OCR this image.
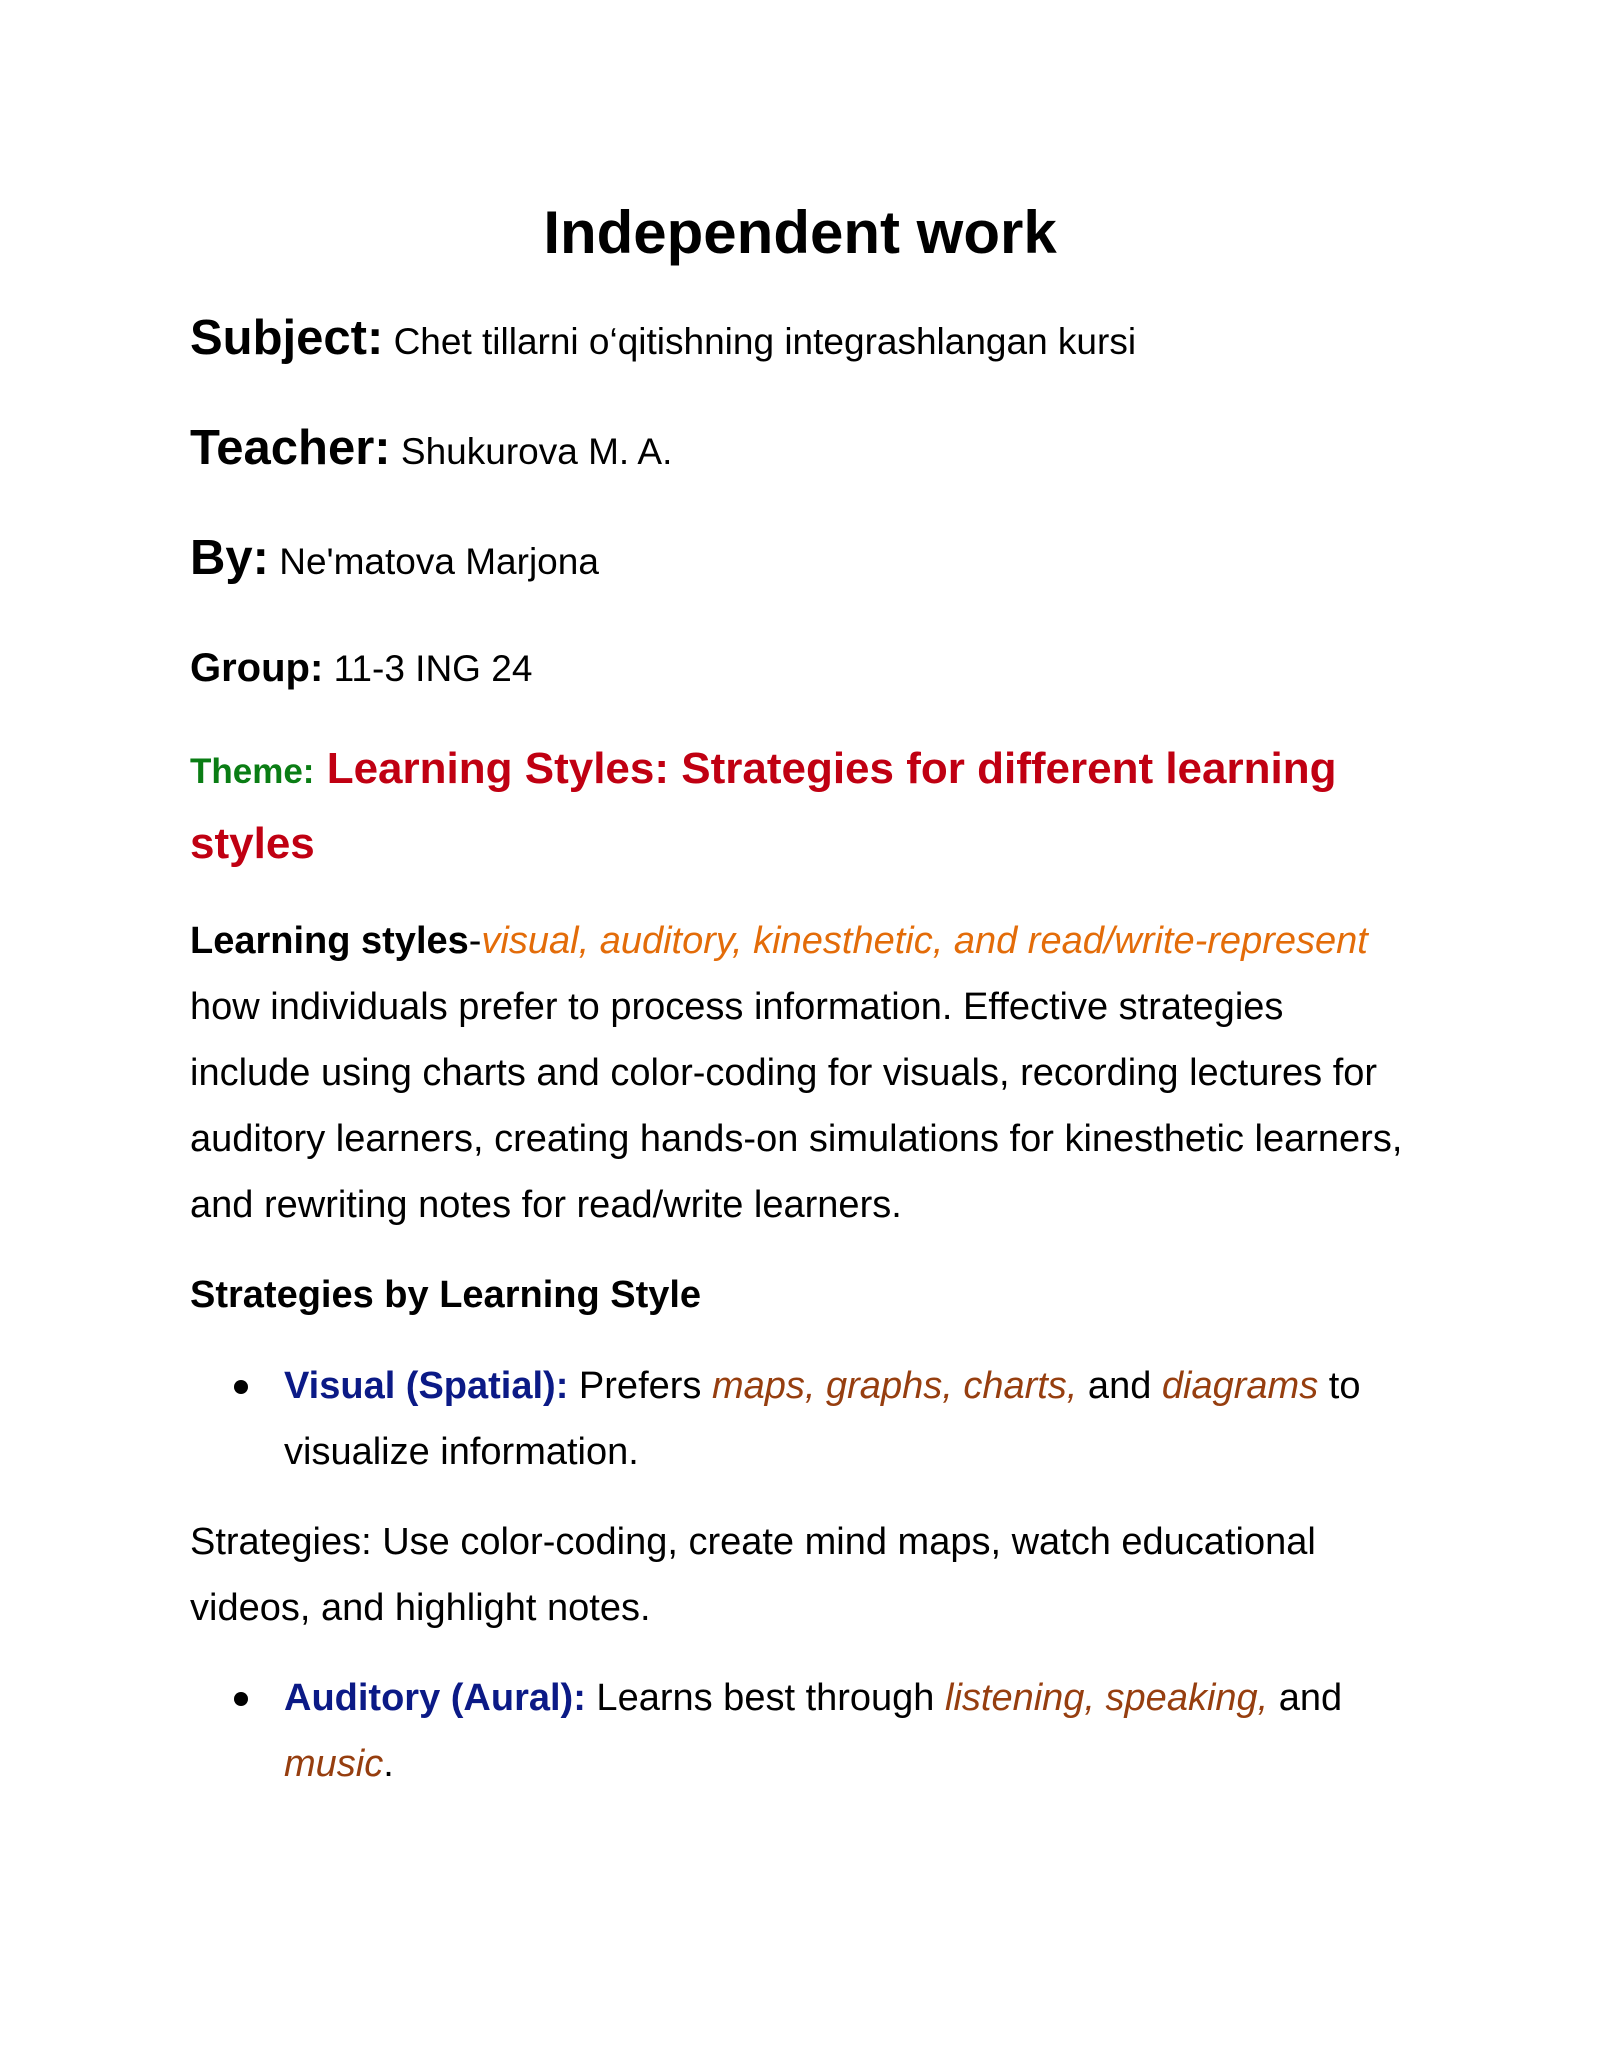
Independent work
Subject: Chet tillarni o‘qitishning integrashlangan kursi
Teacher: Shukurova M. A.
By: Ne'matova Marjona
Group: 11-3 ING 24
Theme: Learning Styles: Strategies for different learning styles

Learning styles-visual, auditory, kinesthetic, and read/write-represent how individuals prefer to process information. Effective strategies include using charts and color-coding for visuals, recording lectures for auditory learners, creating hands-on simulations for kinesthetic learners, and rewriting notes for read/write learners.

Strategies by Learning Style
Visual (Spatial): Prefers maps, graphs, charts, and diagrams to visualize information.

Strategies: Use color-coding, create mind maps, watch educational videos, and highlight notes.

Auditory (Aural): Learns best through listening, speaking, and music.
